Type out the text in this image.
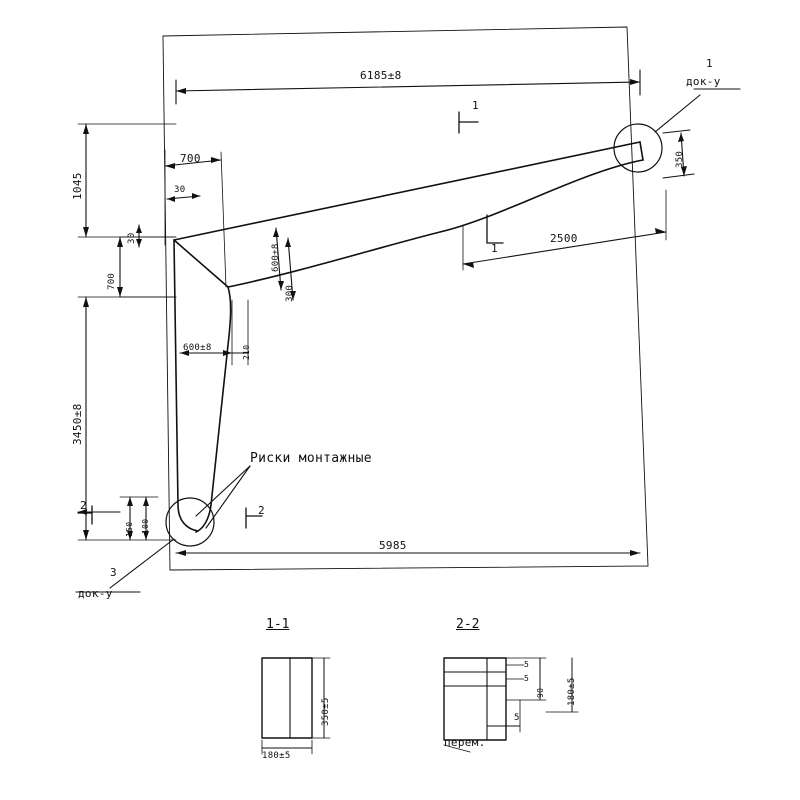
6185±8
5985
1045
3450±8
700
700
30
30
600±8
300
600±8	210
2500
350
150 100
1
док-у
3
док-у
1
1
2	2
Риски монтажные
1-1	2-2
180±5
350±5
180±5
90
5
5
5
перем.
